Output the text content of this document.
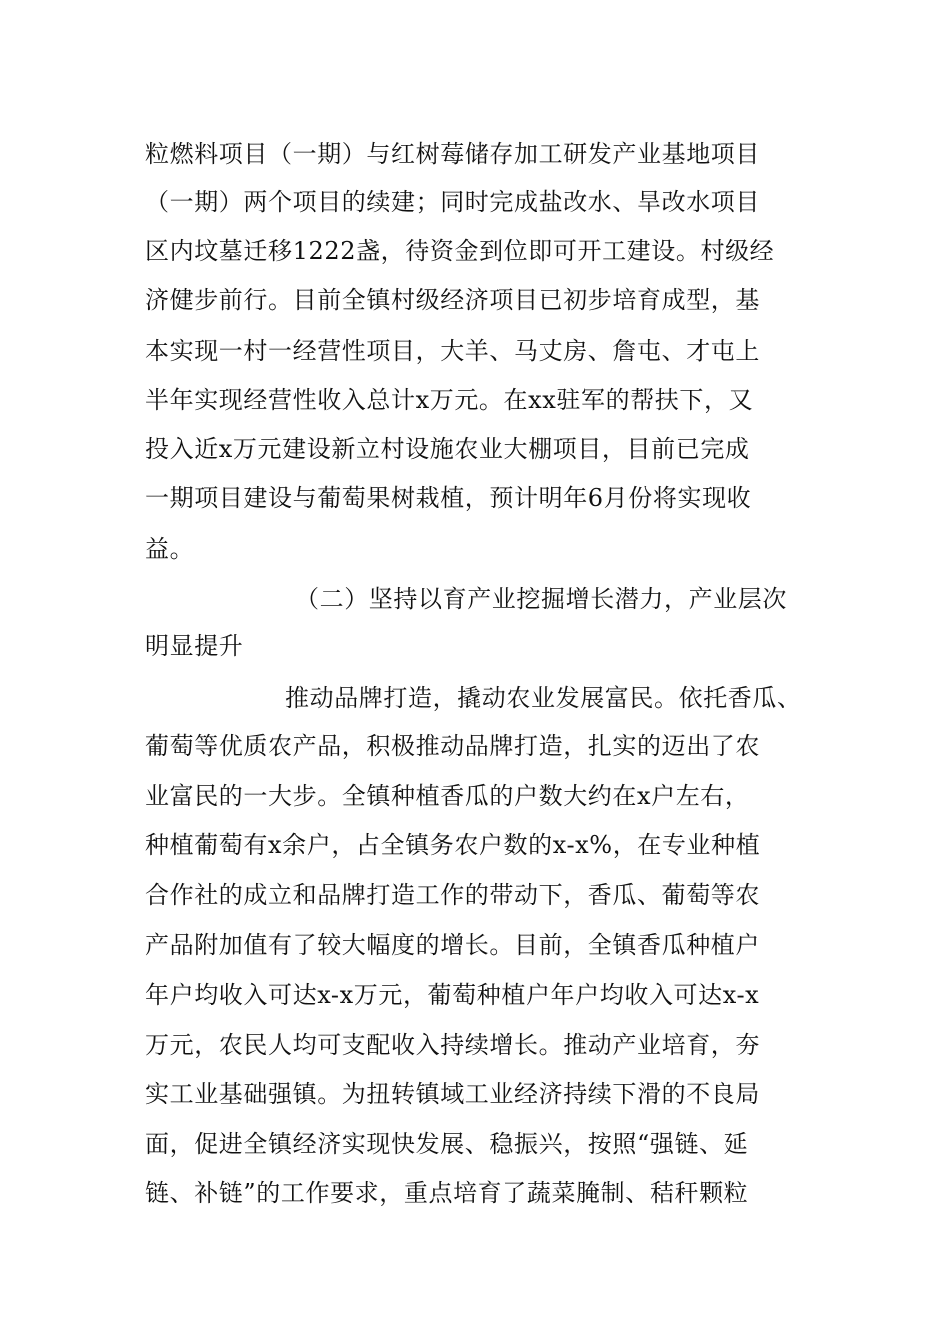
粒燃料项目（一期）与红树莓储存加工研发产业基地项目
（一期）两个项目的续建；同时完成盐改水、旱改水项目
区内坟墓迁移1222盏，待资金到位即可开工建设。村级经
济健步前行。目前全镇村级经济项目已初步培育成型，基
本实现一村一经营性项目，大羊、马丈房、詹屯、才屯上
半年实现经营性收入总计x万元。在xx驻军的帮扶下，又
投入近x万元建设新立村设施农业大棚项目，目前已完成
一期项目建设与葡萄果树栽植，预计明年6月份将实现收
益。
（二）坚持以育产业挖掘增长潜力，产业层次
明显提升
推动品牌打造，撬动农业发展富民。依托香瓜、
葡萄等优质农产品，积极推动品牌打造，扎实的迈出了农
业富民的一大步。全镇种植香瓜的户数大约在x户左右，
种植葡萄有x余户，占全镇务农户数的x-x%，在专业种植
合作社的成立和品牌打造工作的带动下，香瓜、葡萄等农
产品附加值有了较大幅度的增长。目前，全镇香瓜种植户
年户均收入可达x-x万元，葡萄种植户年户均收入可达x-x
万元，农民人均可支配收入持续增长。推动产业培育，夯
实工业基础强镇。为扭转镇域工业经济持续下滑的不良局
面，促进全镇经济实现快发展、稳振兴，按照“强链、延
链、补链”的工作要求，重点培育了蔬菜腌制、秸秆颗粒
